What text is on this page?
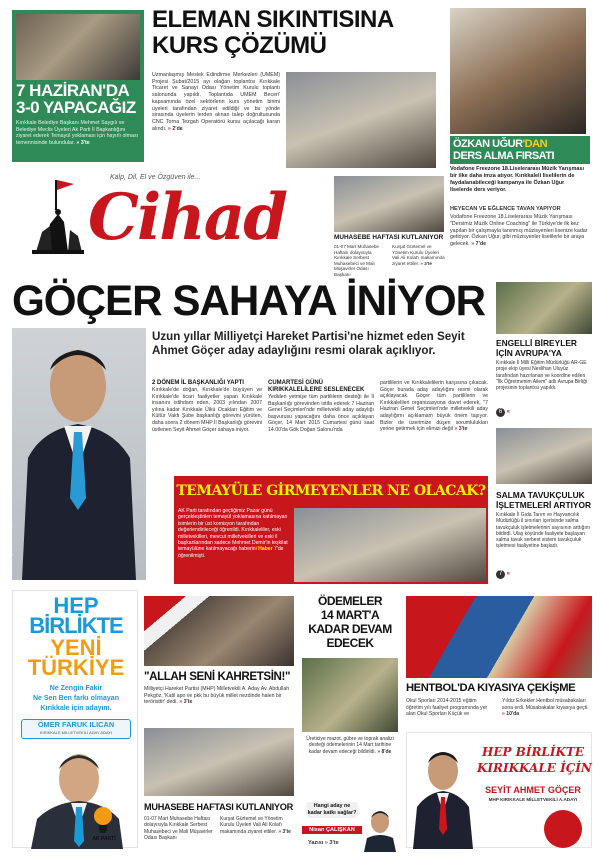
7 HAZİRAN'DA
3-0 YAPACAĞIZ
Kırıkkale Belediye Başkanı Mehmet Saygılı ve Belediye Meclis Üyeleri Ak Parti İl Başkanlığını ziyaret ederek Temayül yoklaması için hayırlı olması temennisinde bulundular. » 3'te
ELEMAN SIKINTISINA
KURS ÇÖZÜMÜ
Uzmanlaşmış Meslek Edindirme Merkezleri (UMEM) Projesi Şubat/2015 ayı olağan toplantısı Kırıkkale Ticaret ve Sanayi Odası Yönetim Kurulu toplantı salonunda yapıldı. Toplantıda UMEM Beceri' kapsamında özel sektörlerin kurs yönetim birimi uyeleri tarafından ziyaret edildiği ve bu yönde sirasında üyelerin lerden alınan talep doğrultusunda CNC Torna Tezgah Operatörü kursu açılacağı karan alındı. » 2'de
ÖZKAN UĞUR'DAN
DERS ALMA FIRSATI
Vodafone Freezone 18.Liselerarası Müzik Yarışması bir ilke daha imza atıyor. Kırıkkaleli liselilerin de faydalanabileceği kampanya ile Özkan Uğur liselerde ders veriyor.
HEYECAN VE EĞLENCE TAVAN YAPIYOR
Vodafone Freezone 18.Liselerarası Müzik Yarışması "Dersimiz Müzik Online Coaching" ile Türkiye'de ilk kez yapılan bir çalışmayla tanınmış müzisyenleri lisenize kadar getiriyor. Özkan Uğur, gibi müzisyenler liselilerle bir araya gelecek. » 7'de
Kalp, Dil, El ve Özgüven ile...
Cihad	MUHASEBE HAFTASI KUTLANIYOR
01-07 Mart Muhasebe Haftası dolayısıyla Kırıkkale Serbest Muhasebeci ve Mali Müşavirler Odası Başkanı
Kurşat Gürtemel ve Yönetim Kurulu Üyeleri Vali Ali Kolat'ı makamında ziyaret ettiler. » 3'te
GÖÇER SAHAYA İNİYOR
Seyit Ahmet Göçer
Uzun yıllar Milliyetçi Hareket Partisi'ne hizmet eden Seyit Ahmet Göçer aday adaylığını resmi olarak açıklıyor.
2 DÖNEM İL BAŞKANLIĞI YAPTI
Kırıkkale'de doğan, Kırıkkale'de büyüyen ve Kırıkkale'de ticari faaliyetler yapan Kırıkkale insanını istihdam eden, 2003 yılından 2007 yılına kadar Kırıkkale Ülkü Ocakları Eğitim ve Kültür Vakfı Şube başkanlığı görevini yürüten, daha sonra 2 dönem MHP İl Başkanlığı görevini üstlenen Seyit Ahmet Göçer sahaya iniyor.
CUMARTESİ GÜNÜ KIRIKKALELİLERE SESLENECEK
Yediden yetmişe tüm partililerin desteği ile İl Başkanlığı görevinden istifa ederek 7 Haziran Genel Seçimleri'nde milletvekili aday adaylığı başvurusu yapacağını daha önce açıklayan Göçer, 14 Mart 2015 Cumartesi günü saat 14.00'da Gök Doğan Salonu'nda
partililerin ve Kırıkkalelilerin karşısına çıkacak. Göçer burada aday adaylığını resmi olarak açıklayacak. Göçer tüm partililerin ve Kırıkkalelileri organizasyona davet ederek, "7 Haziran Genel Seçimleri'nde milletvekili aday adaylığımı açıklamam büyük önem taşıyor. Bizler de üzerimize düşen sorumlulukları yerine getirmek için elimizi değil » 3'te
TEMAYÜLE GİRMEYENLER NE OLACAK?
AK Parti tarafından geçtiğimiz Pazar günü gerçekleştirilen temayül yoklamasına katılmayan isimlerin bir üst komisyon tarafından değerlendirileceği öğrenildi. Kırıkkaleliler, eski milletvekilleri, mevcut milletvekilleri ve eski il başkanlarından sadece Mehmet Demir'in teşkilat temayülüne katılmayacağı haberini Haber 7'de öğrenilmişti.
ENGELLİ BİREYLER
İÇİN AVRUPA'YA
Kırıkkale İl Milli Eğitim Müdürlüğü AR-GE proje ekip üyesi Neslihan Uluyüz tarafından hazırlanan ve koordine edilen "İlk Öğretmenim Ailem" adlı Avrupa Birliği projesinin toplantısı yapıldı.
6 «
SALMA TAVUKÇULUK
İŞLETMELERİ ARTIYOR
Kırıkkale İl Gıda Tarım ve Hayvancılık Müdürlüğü il sınırları içerisinde salma tavukçuluk işletmelerinin sayısının arttığını bildirdi. Ulaş köyünde faaliyete başlayan salma tavuk serbest sistem tavukçuluk işletmesi faaliyetine başladı.
7 «
HEP
BİRLİKTE
YENİ
TÜRKİYE
Ne Zengin Fakir
Ne Sen Ben farkı olmayan
Kırıkkale için adayım.
ÖMER FARUK ILICAN
KIRIKKALE MİLLETVEKİLİ ADAY ADAYI
AK PARTİ
"ALLAH SENİ KAHRETSİN!"
Milliyetçi Hareket Partisi (MHP) Milletvekili A. Aday Av. Abdullah Pekgöz, 'Katil apo ve pkk bu büyük millet nezdinde halen bir teröristtir' dedi. » 3'te
MUHASEBE HAFTASI KUTLANIYOR
01-07 Mart Muhasebe Haftası dolayısıyla Kırıkkale Serbest Muhasebeci ve Mali Müşavirler Odası Başkanı
Kurşat Gürtemel ve Yönetim Kurulu Üyeleri Vali Ali Kolat'ı makamında ziyaret ettiler. » 3'te
ÖDEMELER
14 MART'A
KADAR DEVAM
EDECEK
Üreticiye mazot, gübre ve toprak analizi desteği ödemelerinin 14 Mart tarihine kadar devam edeceği bildirildi. » 8'de
Hangi aday ne kadar katkı sağlar?
Nisan ÇALIŞKAN
Yazısı » 3'te
HENTBOL'DA KIYASIYA ÇEKİŞME
Okul Sporları 2014-2015 eğitim öğretim yılı faaliyet programında yer alan Okul Sporları Küçük ve
Yıldız Erkekler Hentbol müsabakaları sona erdi. Müsabakalar kıyasıya geçti. » 10'da
HEP BİRLİKTE
KIRIKKALE İÇİN
SEYİT AHMET GÖÇER
MHP KIRIKKALE MİLLETVEKİLİ A.ADAYI
